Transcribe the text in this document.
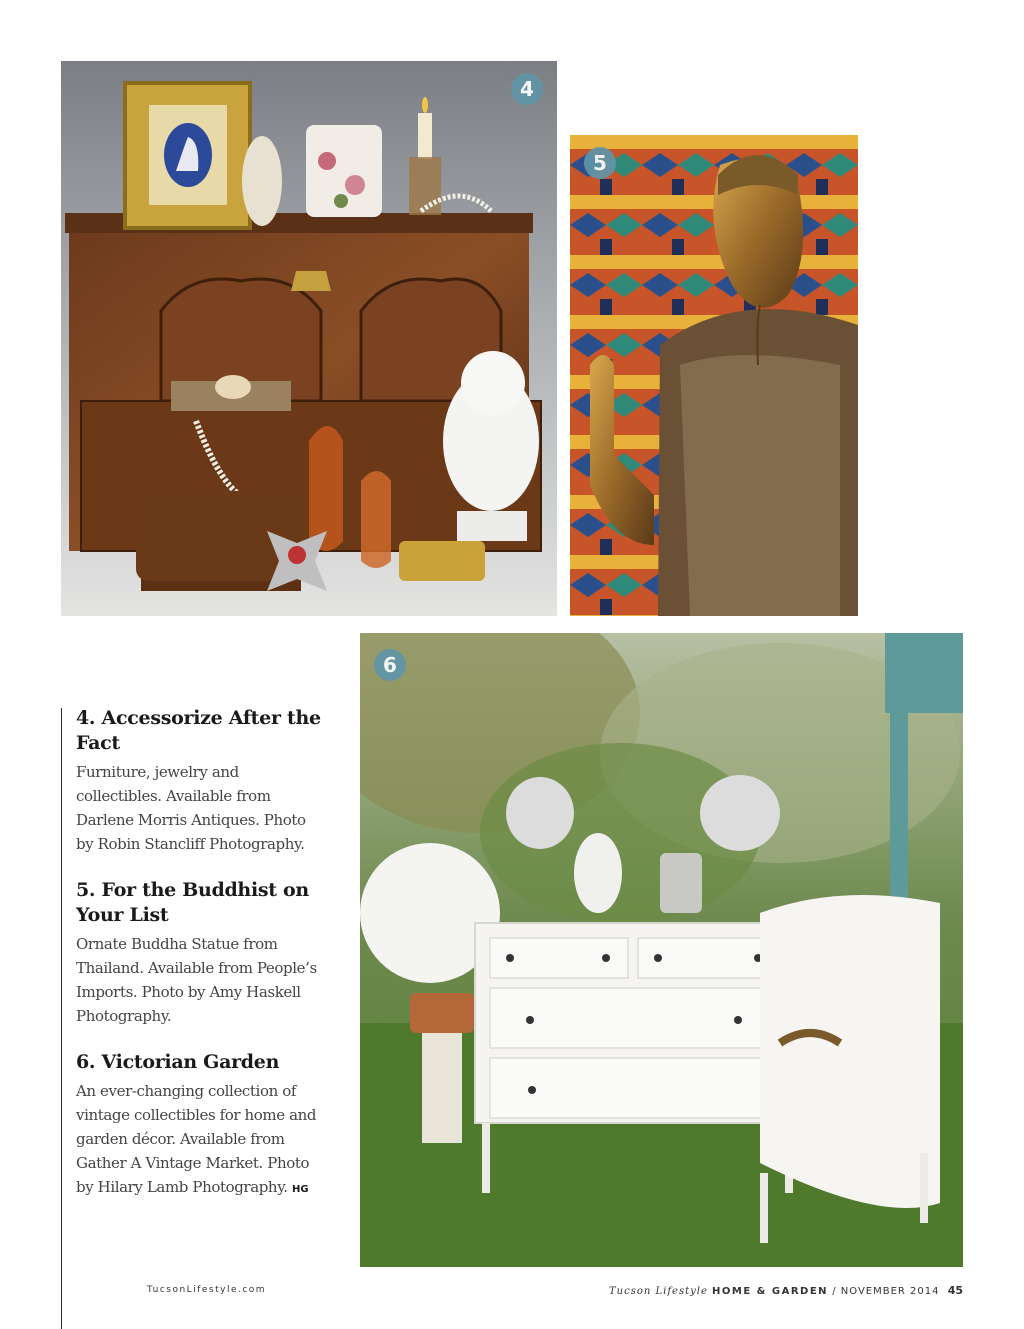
4
5
6
4. Accessorize After the Fact

Furniture, jewelry and collectibles. Available from Darlene Morris Antiques. Photo by Robin Stancliff Photography.

5. For the Buddhist on Your List

Ornate Buddha Statue from Thailand. Available from People’s Imports. Photo by Amy Haskell Photography.

6. Victorian Garden

An ever-changing collection of vintage collectibles for home and garden décor. Available from Gather A Vintage Market. Photo by Hilary Lamb Photography. HG

TucsonLifestyle.com	Tucson Lifestyle HOME & GARDEN / NOVEMBER 2014 45
